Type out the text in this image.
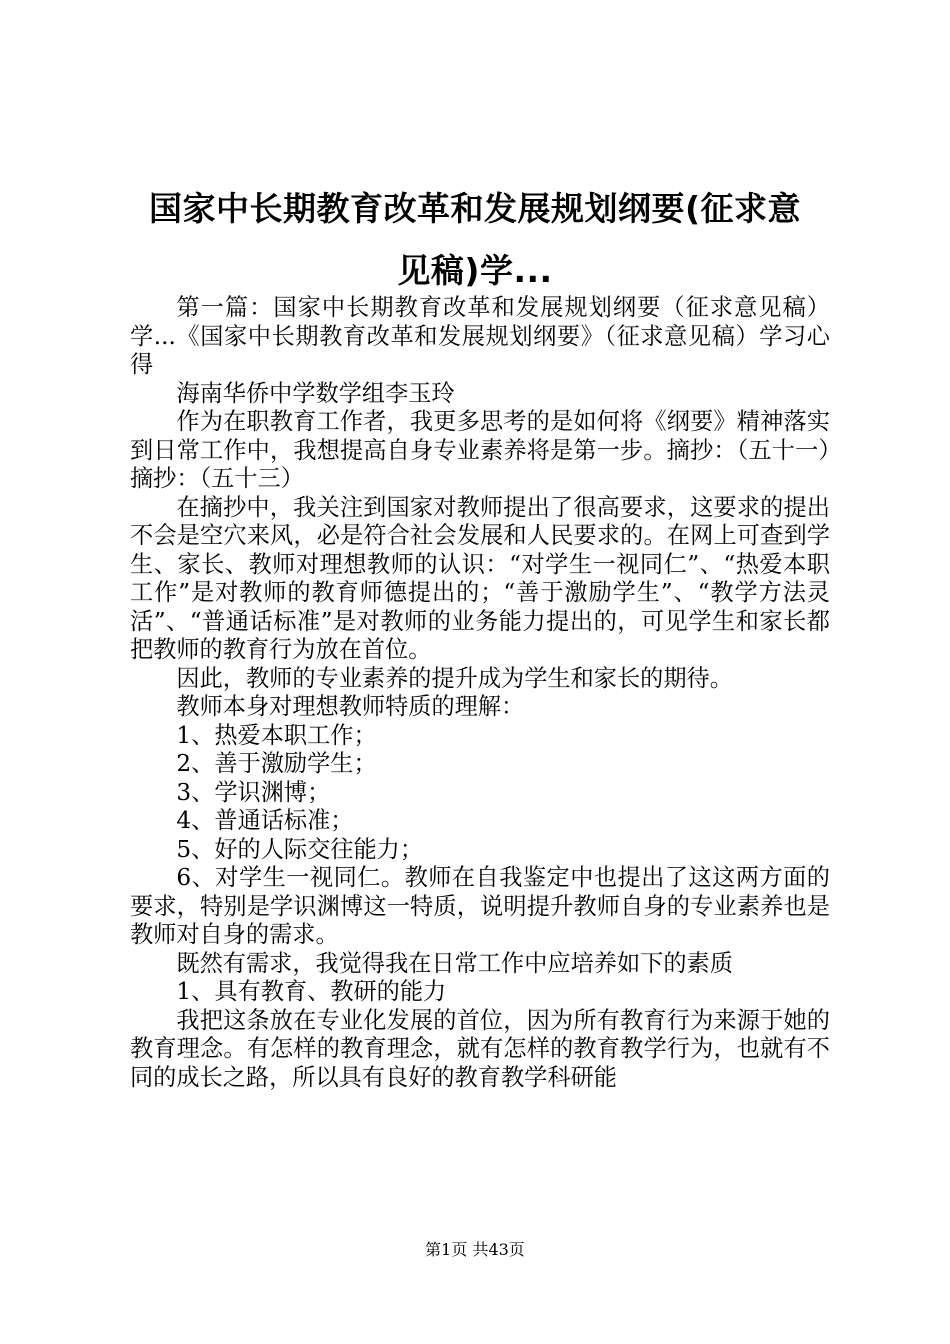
国家中长期教育改革和发展规划纲要(征求意
见稿)学...

第一篇：国家中长期教育改革和发展规划纲要（征求意见稿）学...《国家中长期教育改革和发展规划纲要》（征求意见稿）学习心得

海南华侨中学数学组李玉玲

作为在职教育工作者，我更多思考的是如何将《纲要》精神落实到日常工作中，我想提高自身专业素养将是第一步。摘抄：（五十一）摘抄：（五十三）

在摘抄中，我关注到国家对教师提出了很高要求，这要求的提出不会是空穴来风，必是符合社会发展和人民要求的。在网上可查到学生、家长、教师对理想教师的认识：“对学生一视同仁”、“热爱本职工作”是对教师的教育师德提出的；“善于激励学生”、“教学方法灵活”、“普通话标准”是对教师的业务能力提出的，可见学生和家长都把教师的教育行为放在首位。

因此，教师的专业素养的提升成为学生和家长的期待。

教师本身对理想教师特质的理解：

1、热爱本职工作；

2、善于激励学生；

3、学识渊博；

4、普通话标准；

5、好的人际交往能力；

6、对学生一视同仁。教师在自我鉴定中也提出了这这两方面的要求，特别是学识渊博这一特质，说明提升教师自身的专业素养也是教师对自身的需求。

既然有需求，我觉得我在日常工作中应培养如下的素质

1、具有教育、教研的能力

我把这条放在专业化发展的首位，因为所有教育行为来源于她的教育理念。有怎样的教育理念，就有怎样的教育教学行为，也就有不同的成长之路，所以具有良好的教育教学科研能

第1页 共43页
